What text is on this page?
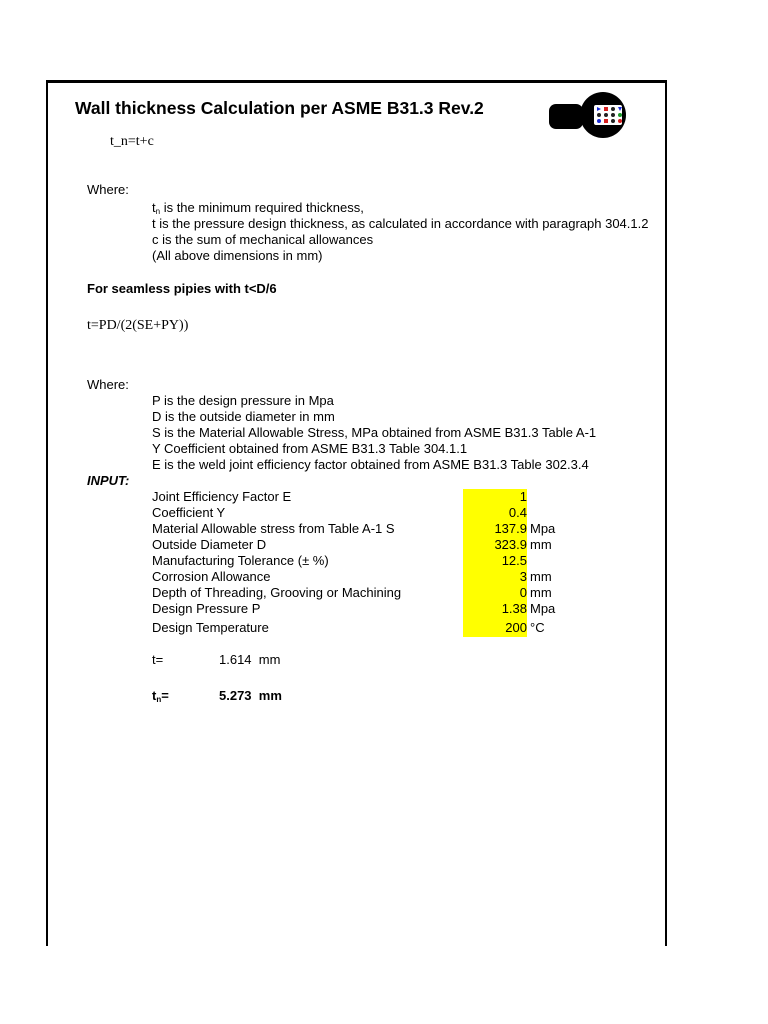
Wall thickness Calculation per ASME B31.3 Rev.2
t_n=t+c
Where:
$t_n$ is the minimum required thickness,
t is the pressure design thickness, as calculated in accordance with paragraph 304.1.2
c is the sum of mechanical allowances
(All above dimensions in mm)
For seamless pipies with t<D/6
t=PD/(2(SE+PY))
Where:
P is the design pressure in Mpa
D is the outside diameter in mm
S is the Material Allowable Stress, MPa obtained from ASME B31.3 Table A-1
Y Coefficient obtained from ASME B31.3 Table 304.1.1
E is the weld joint efficiency factor obtained from ASME B31.3 Table 302.3.4
INPUT:
Joint Efficiency Factor E	1
Coefficient Y	0.4
Material Allowable stress from Table A-1 S	137.9 Mpa
Outside Diameter D	323.9 mm
Manufacturing Tolerance (± %)	12.5
Corrosion Allowance	3 mm
Depth of Threading, Grooving or Machining	0 mm
Design Pressure P	1.38 Mpa
Design Temperature	200 °C
t=	1.614 mm
$t_n=$	5.273 mm
